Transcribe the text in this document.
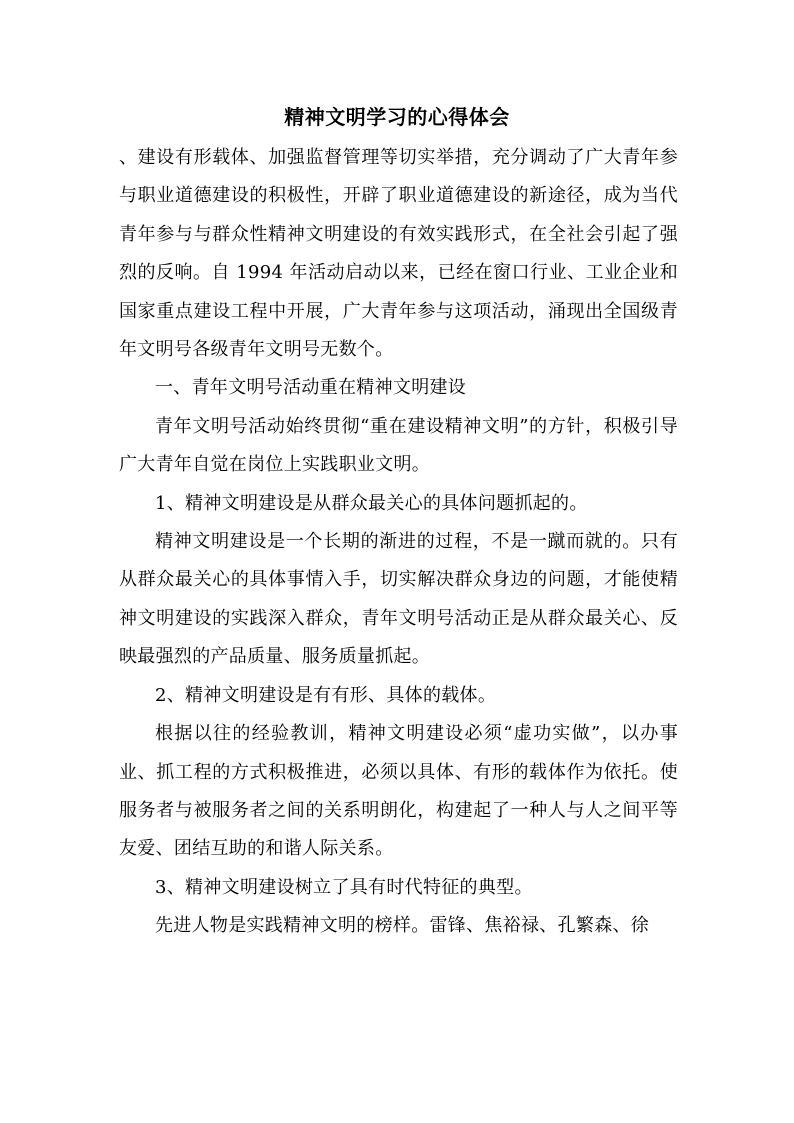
精神文明学习的心得体会

、建设有形载体、加强监督管理等切实举措，充分调动了广大青年参与职业道德建设的积极性，开辟了职业道德建设的新途径，成为当代青年参与与群众性精神文明建设的有效实践形式，在全社会引起了强烈的反响。自 1994 年活动启动以来，已经在窗口行业、工业企业和国家重点建设工程中开展，广大青年参与这项活动，涌现出全国级青年文明号各级青年文明号无数个。

一、青年文明号活动重在精神文明建设

青年文明号活动始终贯彻“重在建设精神文明”的方针，积极引导广大青年自觉在岗位上实践职业文明。

1、精神文明建设是从群众最关心的具体问题抓起的。

精神文明建设是一个长期的渐进的过程，不是一蹴而就的。只有从群众最关心的具体事情入手，切实解决群众身边的问题，才能使精神文明建设的实践深入群众，青年文明号活动正是从群众最关心、反映最强烈的产品质量、服务质量抓起。

2、精神文明建设是有有形、具体的载体。

根据以往的经验教训，精神文明建设必须“虚功实做”，以办事业、抓工程的方式积极推进，必须以具体、有形的载体作为依托。使服务者与被服务者之间的关系明朗化，构建起了一种人与人之间平等友爱、团结互助的和谐人际关系。

3、精神文明建设树立了具有时代特征的典型。

先进人物是实践精神文明的榜样。雷锋、焦裕禄、孔繁森、徐
